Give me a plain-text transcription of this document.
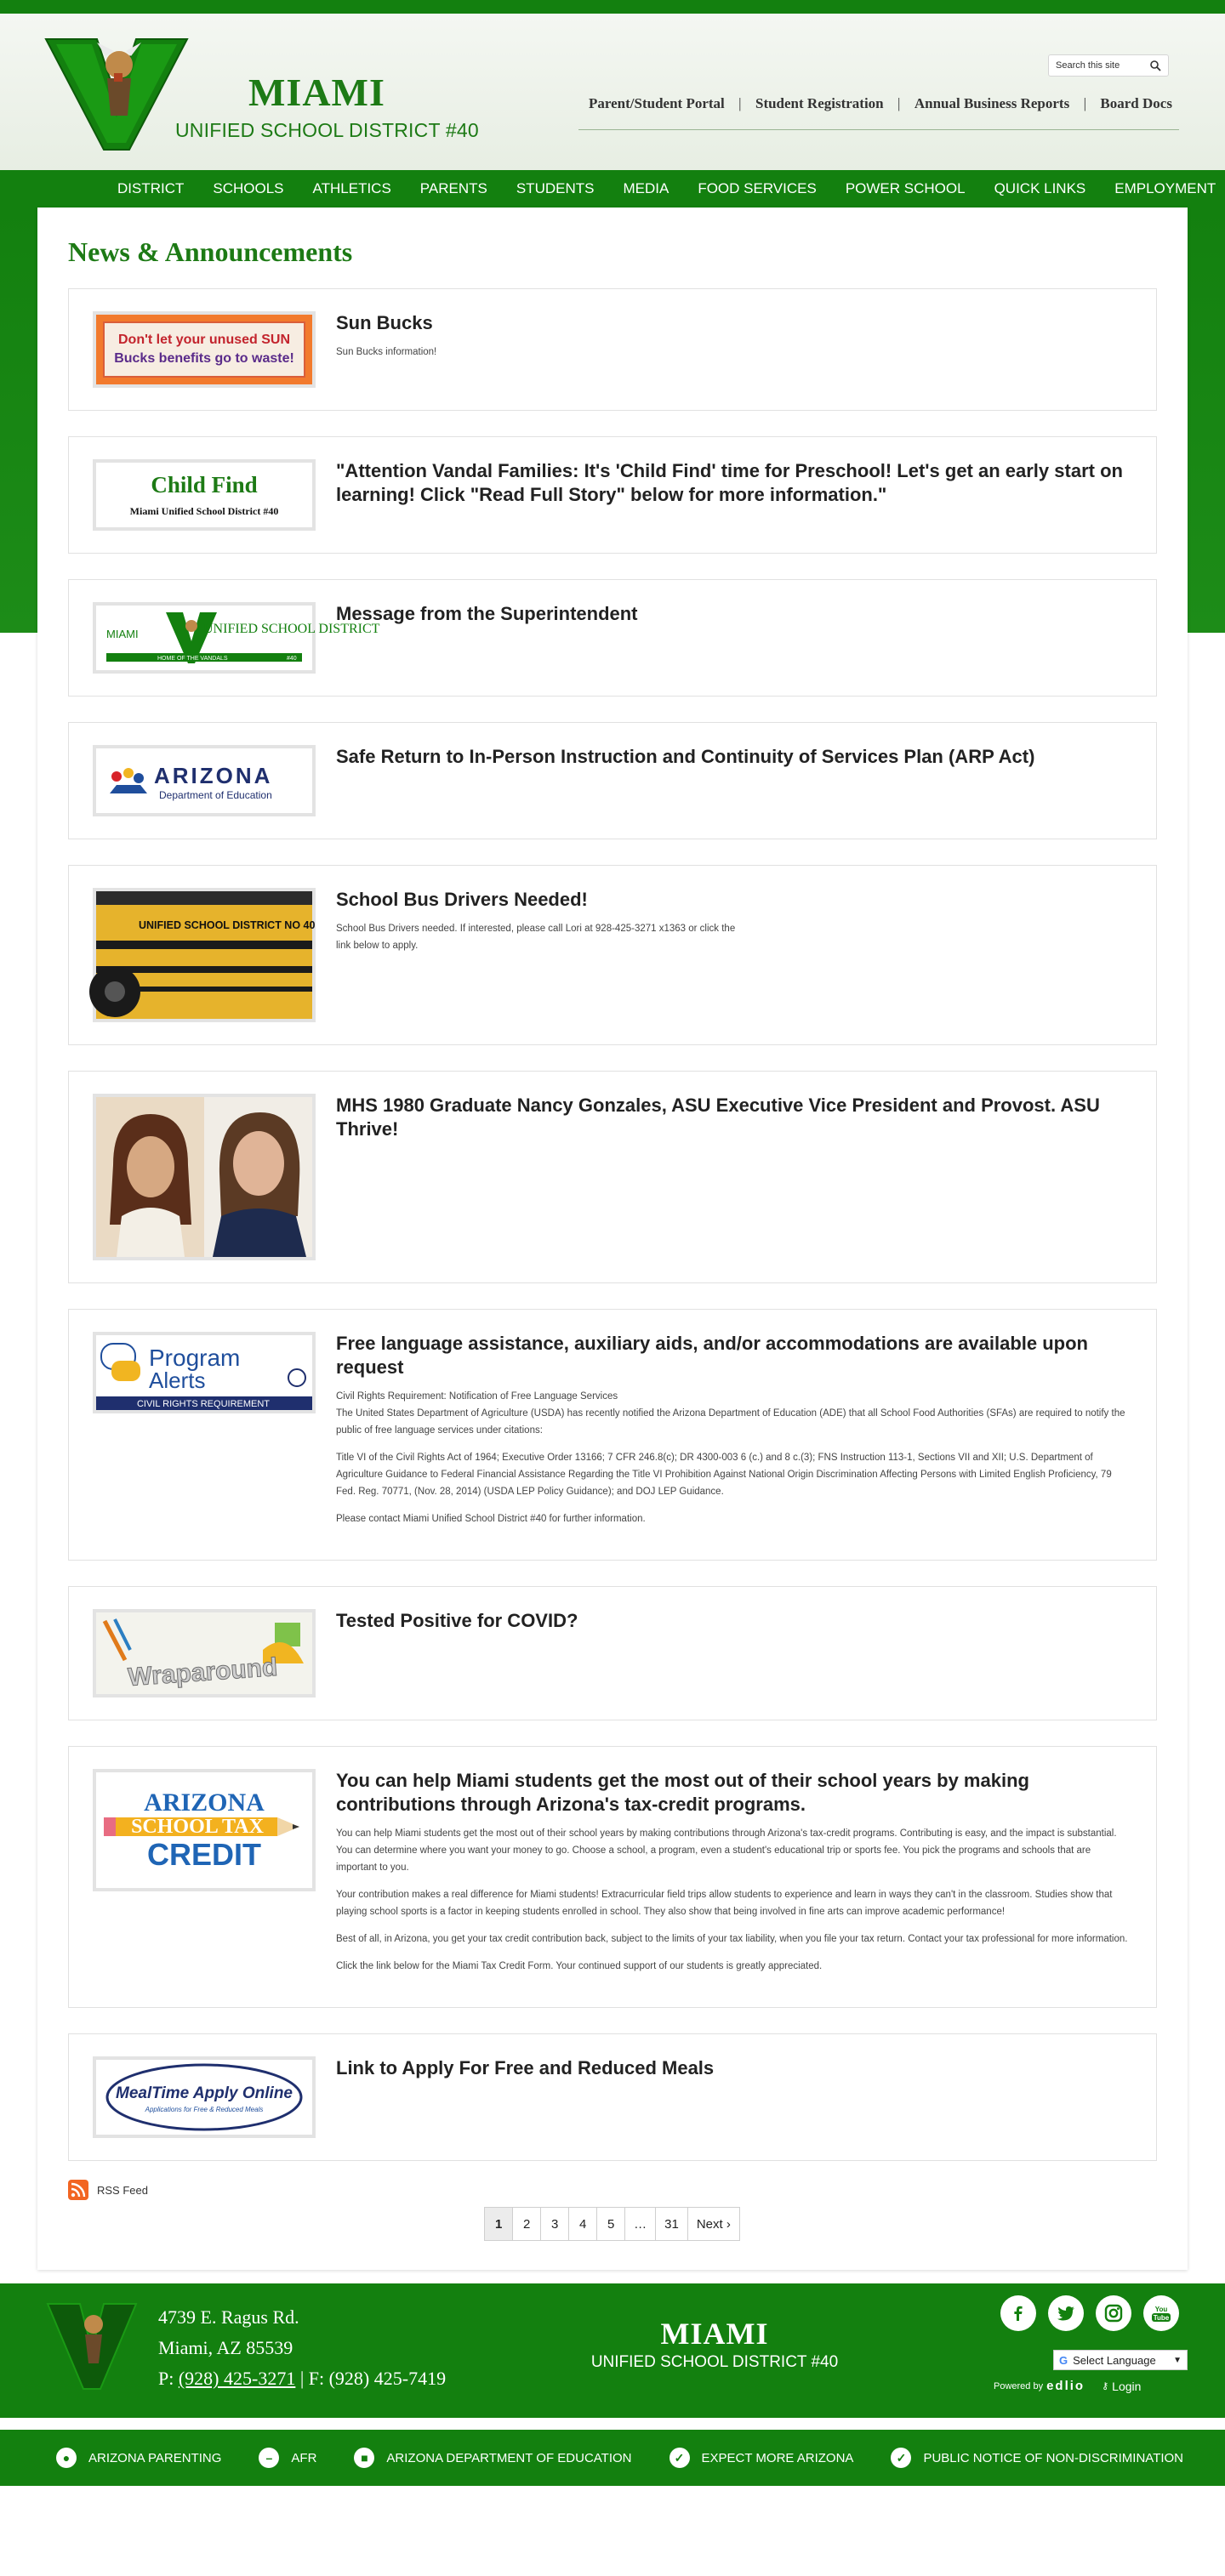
MIAMI
UNIFIED SCHOOL DISTRICT #40
Search this site
Parent/Student Portal | Student Registration | Annual Business Reports | Board Docs
DISTRICT SCHOOLS ATHLETICS PARENTS STUDENTS MEDIA FOOD SERVICES POWER SCHOOL QUICK LINKS EMPLOYMENT
News & Announcements
Don't let your unused SUN
Bucks benefits go to waste!
Sun Bucks

Sun Bucks information!

Child Find
Miami Unified School District #40
"Attention Vandal Families: It's 'Child Find' time for Preschool! Let's get an early start on learning! Click "Read Full Story" below for more information."
MIAMI	UNIFIED SCHOOL DISTRICT
HOME OF THE VANDALS	#40
Message from the Superintendent
ARIZONA
Department of Education
Safe Return to In-Person Instruction and Continuity of Services Plan (ARP Act)
UNIFIED SCHOOL DISTRICT NO 40
School Bus Drivers Needed!

School Bus Drivers needed. If interested, please call Lori at 928-425-3271 x1363 or click the link below to apply.

MHS 1980 Graduate Nancy Gonzales, ASU Executive Vice President and Provost. ASU Thrive!
Program
Alerts
CIVIL RIGHTS REQUIREMENT
Free language assistance, auxiliary aids, and/or accommodations are available upon request

Civil Rights Requirement: Notification of Free Language Services
The United States Department of Agriculture (USDA) has recently notified the Arizona Department of Education (ADE) that all School Food Authorities (SFAs) are required to notify the public of free language services under citations:

Title VI of the Civil Rights Act of 1964; Executive Order 13166; 7 CFR 246.8(c); DR 4300-003 6 (c.) and 8 c.(3); FNS Instruction 113-1, Sections VII and XII; U.S. Department of Agriculture Guidance to Federal Financial Assistance Regarding the Title VI Prohibition Against National Origin Discrimination Affecting Persons with Limited English Proficiency, 79 Fed. Reg. 70771, (Nov. 28, 2014) (USDA LEP Policy Guidance); and DOJ LEP Guidance.

Please contact Miami Unified School District #40 for further information.

Wraparound
Tested Positive for COVID?
ARIZONA
SCHOOL TAX
CREDIT
You can help Miami students get the most out of their school years by making contributions through Arizona's tax-credit programs.

You can help Miami students get the most out of their school years by making contributions through Arizona's tax-credit programs. Contributing is easy, and the impact is substantial. You can determine where you want your money to go. Choose a school, a program, even a student's educational trip or sports fee. You pick the programs and schools that are important to you.

Your contribution makes a real difference for Miami students! Extracurricular field trips allow students to experience and learn in ways they can't in the classroom. Studies show that playing school sports is a factor in keeping students enrolled in school. They also show that being involved in fine arts can improve academic performance!

Best of all, in Arizona, you get your tax credit contribution back, subject to the limits of your tax liability, when you file your tax return. Contact your tax professional for more information.

Click the link below for the Miami Tax Credit Form. Your continued support of our students is greatly appreciated.

MealTime Apply Online
Applications for Free & Reduced Meals
Link to Apply For Free and Reduced Meals
RSS Feed
1	2	3	4	5	…	31	Next ›
4739 E. Ragus Rd.
Miami, AZ 85539
P: (928) 425-3271 | F: (928) 425-7419
MIAMI
UNIFIED SCHOOL DISTRICT #40
You
Tube
G Select Language ▼
Powered by edlio ⚷ Login
●	ARIZONA PARENTING	–	AFR	■	ARIZONA DEPARTMENT OF EDUCATION	✓	EXPECT MORE ARIZONA	✓	PUBLIC NOTICE OF NON-DISCRIMINATION
